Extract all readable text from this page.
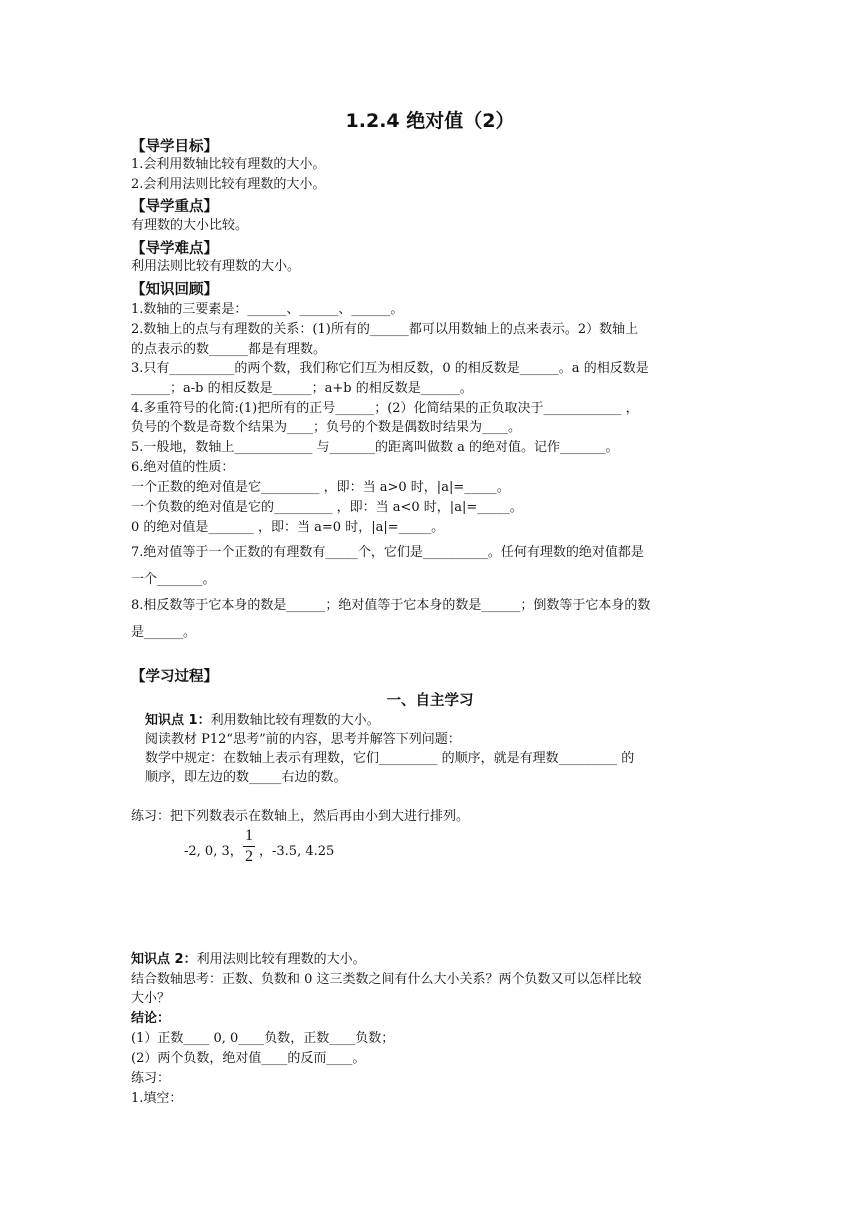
1.2.4 绝对值（2）
【导学目标】
1.会利用数轴比较有理数的大小。
2.会利用法则比较有理数的大小。
【导学重点】
有理数的大小比较。
【导学难点】
利用法则比较有理数的大小。
【知识回顾】
1.数轴的三要素是：______、______、______。
2.数轴上的点与有理数的关系：(1)所有的______都可以用数轴上的点来表示。2）数轴上
的点表示的数______都是有理数。
3.只有__________的两个数，我们称它们互为相反数，0 的相反数是______。a 的相反数是
______；a-b 的相反数是______；a+b 的相反数是______。
4.多重符号的化简:(1)把所有的正号______；(2）化简结果的正负取决于____________ ，
负号的个数是奇数个结果为____；负号的个数是偶数时结果为____。
5.一般地，数轴上____________ 与_______的距离叫做数 a 的绝对值。记作_______。
6.绝对值的性质：
一个正数的绝对值是它_________ ，即：当 a>0 时，|a|=_____。
一个负数的绝对值是它的_________ ，即：当 a<0 时，|a|=_____。
0 的绝对值是_______ ，即：当 a=0 时，|a|=_____。
7.绝对值等于一个正数的有理数有_____个，它们是__________。任何有理数的绝对值都是
一个_______。
8.相反数等于它本身的数是______；绝对值等于它本身的数是______；倒数等于它本身的数
是______。
【学习过程】
一、自主学习
知识点 1：利用数轴比较有理数的大小。
阅读教材 P12“思考”前的内容，思考并解答下列问题：
数学中规定：在数轴上表示有理数，它们_________ 的顺序，就是有理数_________ 的
顺序，即左边的数_____右边的数。
练习：把下列数表示在数轴上，然后再由小到大进行排列。
-2, 0, 3，
1
2 ，-3.5, 4.25
知识点 2：利用法则比较有理数的大小。
结合数轴思考：正数、负数和 0 这三类数之间有什么大小关系？两个负数又可以怎样比较
大小？
结论：
(1）正数____ 0, 0____负数，正数____负数；
(2）两个负数，绝对值____的反而____。
练习：
1.填空：
